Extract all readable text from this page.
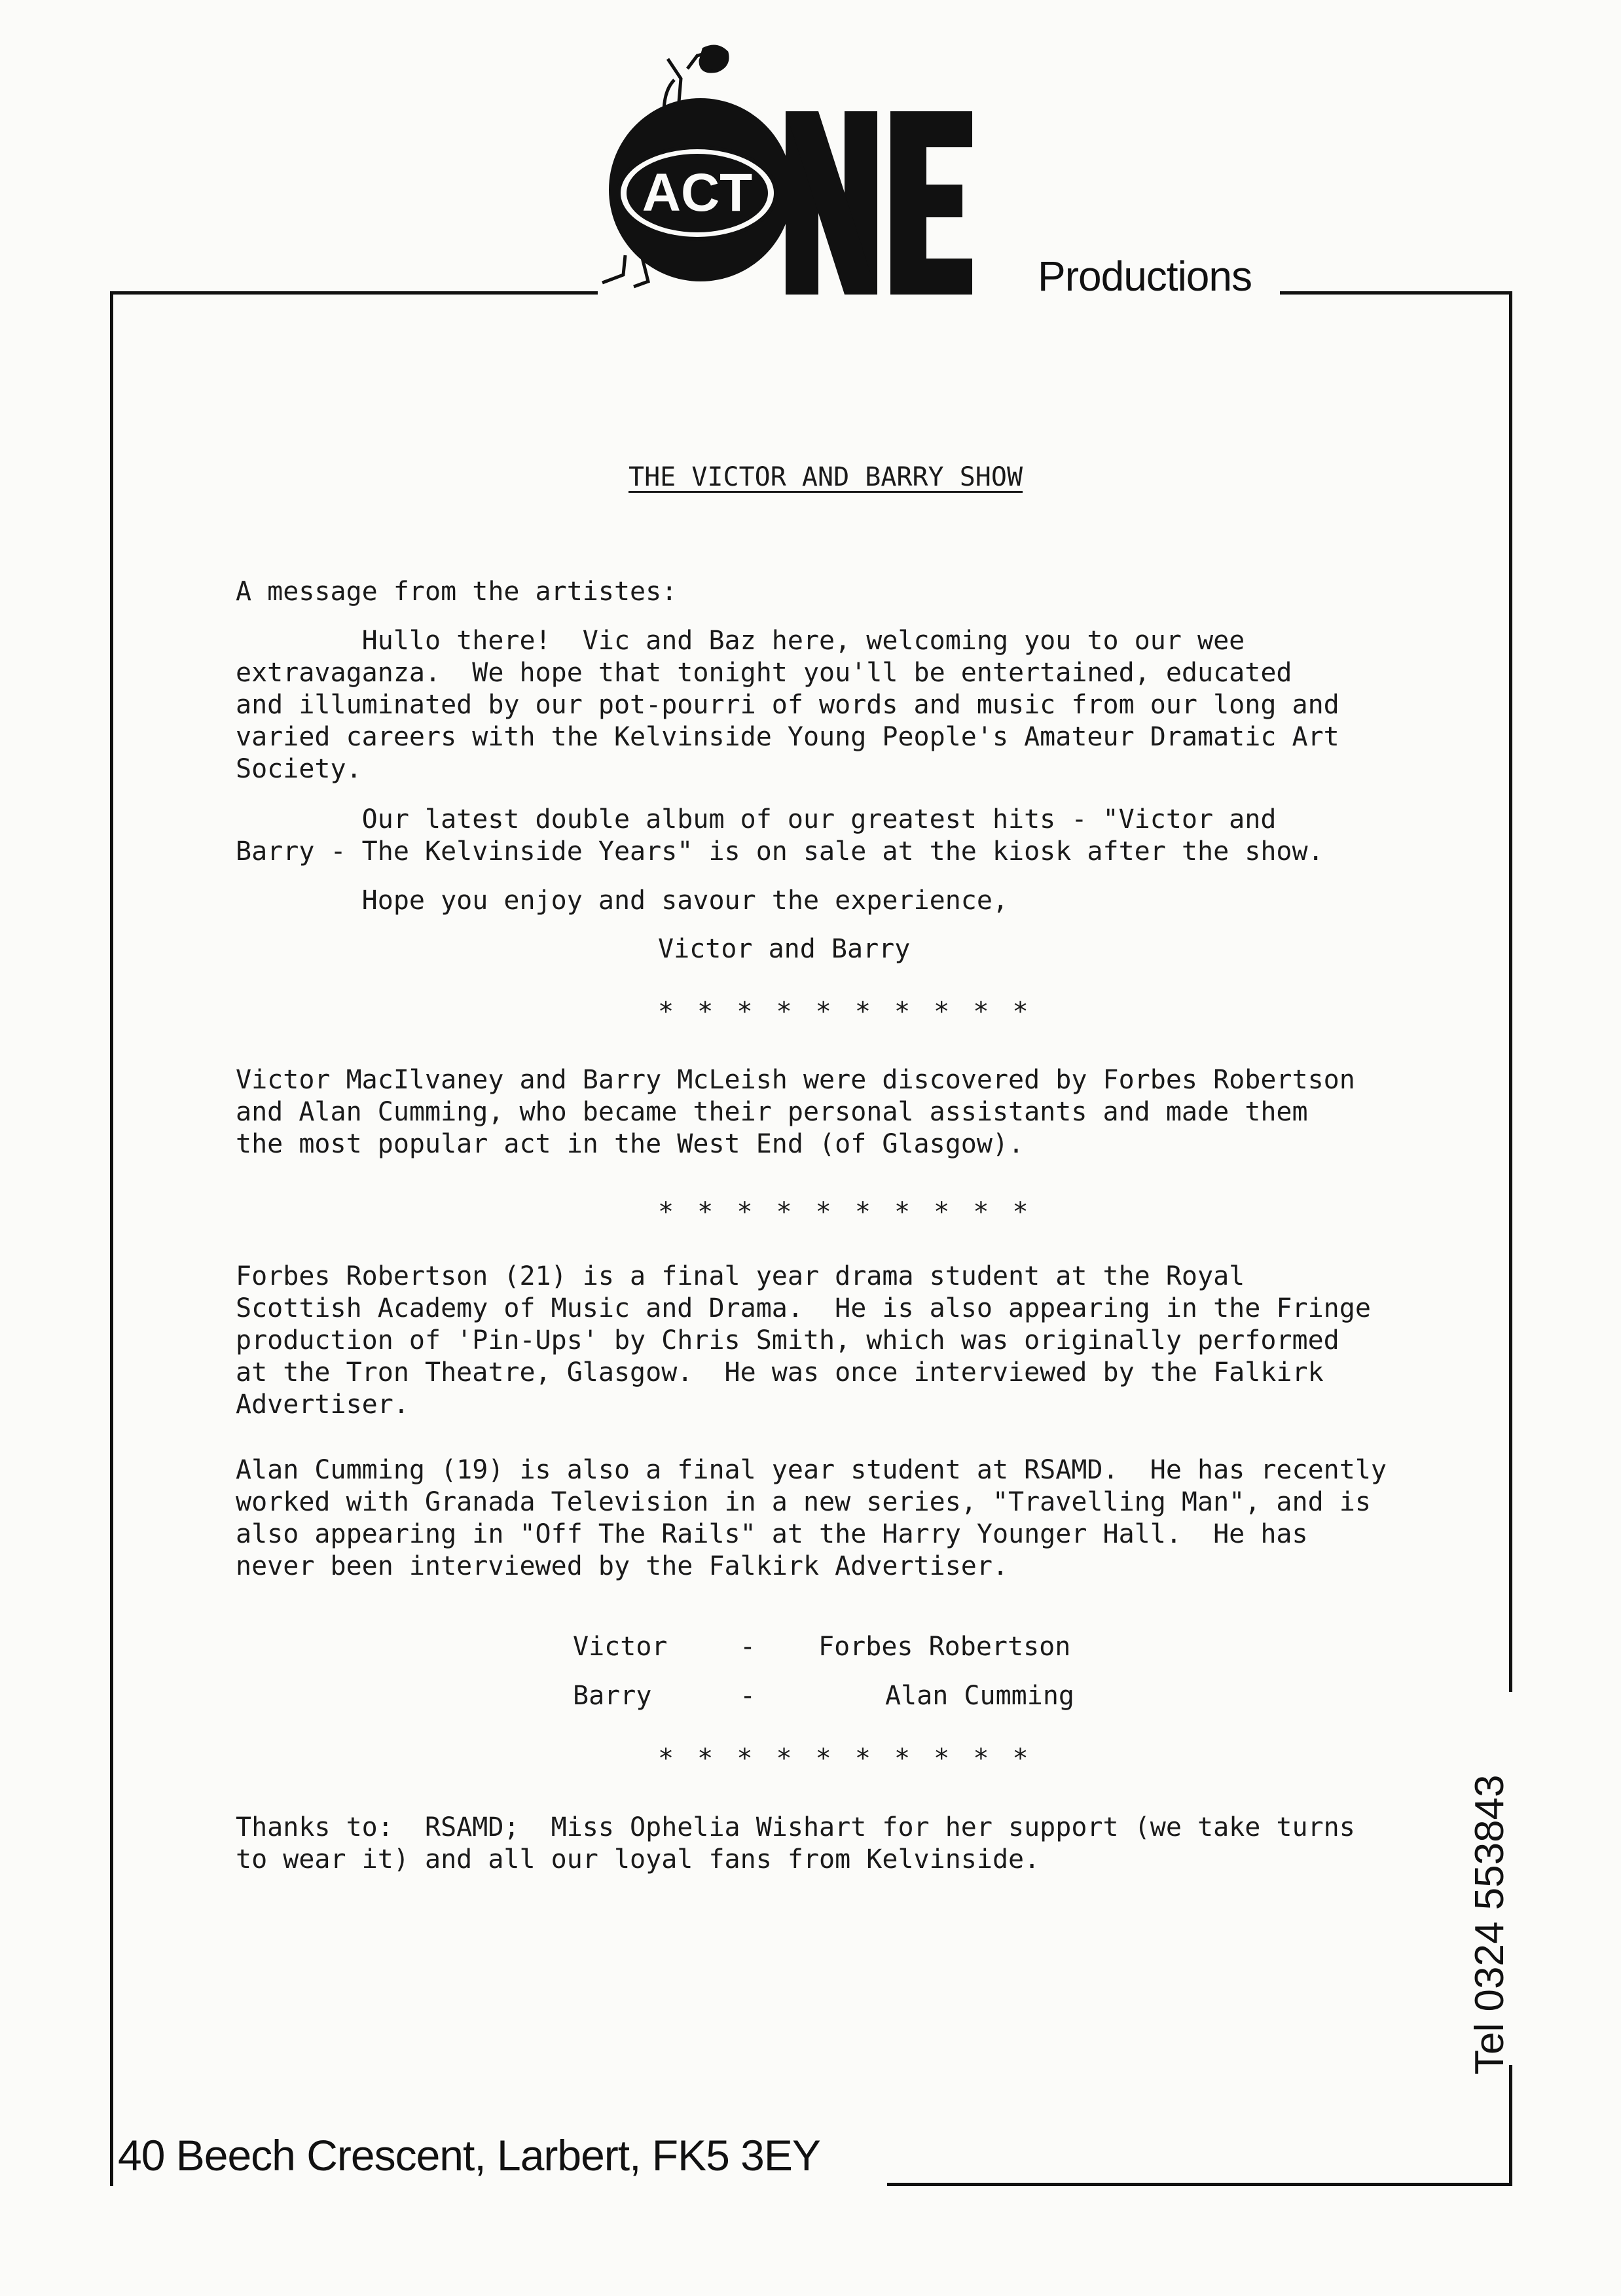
ACT
Productions
40 Beech Crescent, Larbert, FK5 3EY
Tel 0324 553843
THE VICTOR AND BARRY SHOW
A message from the artistes:
Hullo there!  Vic and Baz here, welcoming you to our wee
extravaganza.  We hope that tonight you'll be entertained, educated
and illuminated by our pot-pourri of words and music from our long and
varied careers with the Kelvinside Young People's Amateur Dramatic Art
Society.
Our latest double album of our greatest hits - "Victor and
Barry - The Kelvinside Years" is on sale at the kiosk after the show.
Hope you enjoy and savour the experience,
Victor and Barry
* * * * * * * * * *
Victor MacIlvaney and Barry McLeish were discovered by Forbes Robertson
and Alan Cumming, who became their personal assistants and made them
the most popular act in the West End (of Glasgow).
* * * * * * * * * *
Forbes Robertson (21) is a final year drama student at the Royal
Scottish Academy of Music and Drama.  He is also appearing in the Fringe
production of 'Pin-Ups' by Chris Smith, which was originally performed
at the Tron Theatre, Glasgow.  He was once interviewed by the Falkirk
Advertiser.
Alan Cumming (19) is also a final year student at RSAMD.  He has recently
worked with Granada Television in a new series, "Travelling Man", and is
also appearing in "Off The Rails" at the Harry Younger Hall.  He has
never been interviewed by the Falkirk Advertiser.
Victor	- Forbes Robertson
Barry	-	Alan Cumming
* * * * * * * * * *
Thanks to:  RSAMD;  Miss Ophelia Wishart for her support (we take turns
to wear it) and all our loyal fans from Kelvinside.
